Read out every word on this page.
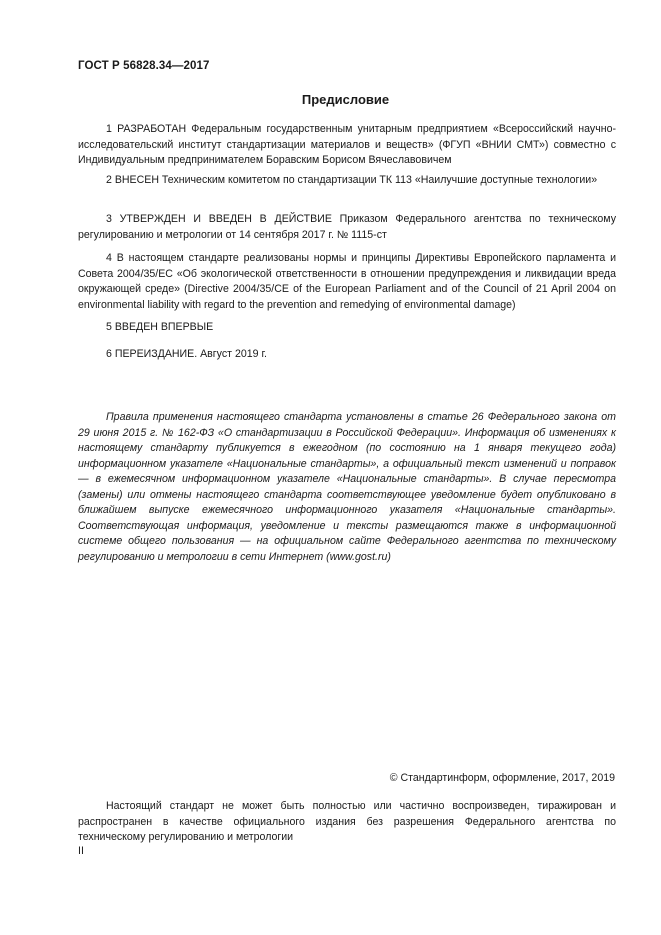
ГОСТ Р 56828.34—2017
Предисловие

1 РАЗРАБОТАН Федеральным государственным унитарным предприятием «Всероссийский научно-исследовательский институт стандартизации материалов и веществ» (ФГУП «ВНИИ СМТ») совместно с Индивидуальным предпринимателем Боравским Борисом Вячеславовичем

2 ВНЕСЕН Техническим комитетом по стандартизации ТК 113 «Наилучшие доступные технологии»

3 УТВЕРЖДЕН И ВВЕДЕН В ДЕЙСТВИЕ Приказом Федерального агентства по техническому регулированию и метрологии от 14 сентября 2017 г. № 1115-ст

4 В настоящем стандарте реализованы нормы и принципы Директивы Европейского парламента и Совета 2004/35/ЕС «Об экологической ответственности в отношении предупреждения и ликвидации вреда окружающей среде» (Directive 2004/35/CE of the European Parliament and of the Council of 21 April 2004 on environmental liability with regard to the prevention and remedying of environmental damage)

5 ВВЕДЕН ВПЕРВЫЕ

6 ПЕРЕИЗДАНИЕ. Август 2019 г.

Правила применения настоящего стандарта установлены в статье 26 Федерального закона от 29 июня 2015 г. № 162-ФЗ «О стандартизации в Российской Федерации». Информация об изменениях к настоящему стандарту публикуется в ежегодном (по состоянию на 1 января текущего года) информационном указателе «Национальные стандарты», а официальный текст изменений и поправок — в ежемесячном информационном указателе «Национальные стандарты». В случае пересмотра (замены) или отмены настоящего стандарта соответствующее уведомление будет опубликовано в ближайшем выпуске ежемесячного информационного указателя «Национальные стандарты». Соответствующая информация, уведомление и тексты размещаются также в информационной системе общего пользования — на официальном сайте Федерального агентства по техническому регулированию и метрологии в сети Интернет (www.gost.ru)

© Стандартинформ, оформление, 2017, 2019

Настоящий стандарт не может быть полностью или частично воспроизведен, тиражирован и распространен в качестве официального издания без разрешения Федерального агентства по техническому регулированию и метрологии

II
